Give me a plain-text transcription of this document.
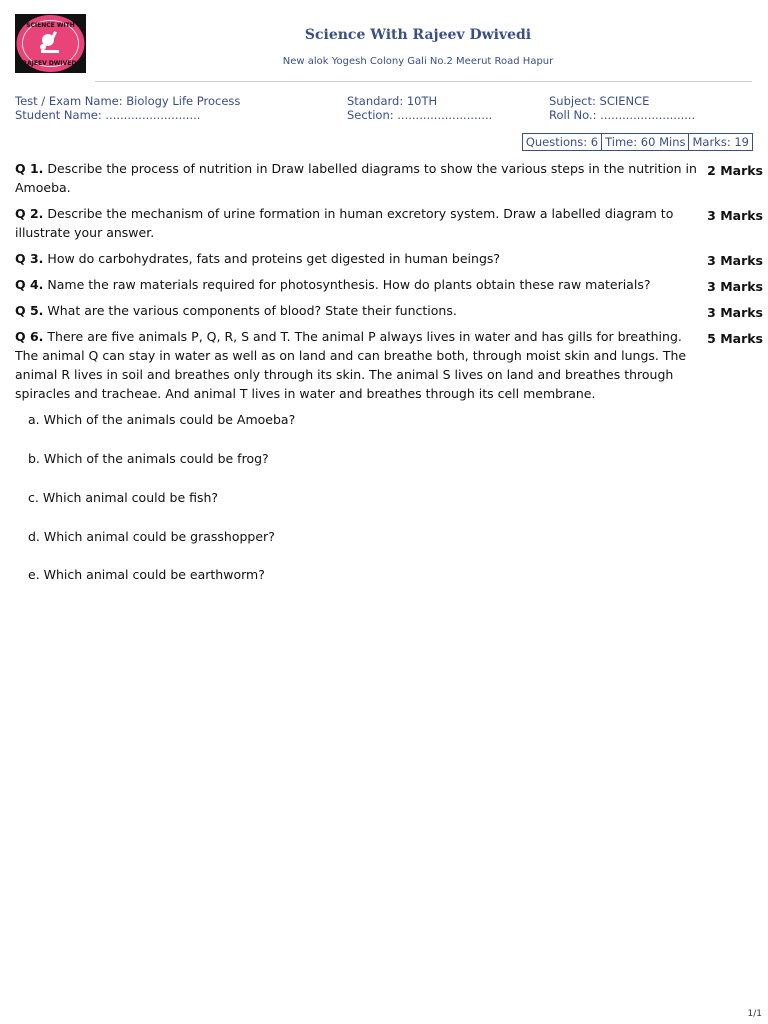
SCIENCE WITH
RAJEEV DWIVEDI
Science With Rajeev Dwivedi
New alok Yogesh Colony Gali No.2 Meerut Road Hapur
Test / Exam Name: Biology Life Process
Student Name: ..........................
Standard: 10TH
Section: ..........................
Subject: SCIENCE
Roll No.: ..........................
Questions: 6 Time: 60 Mins Marks: 19
Q 1. Describe the process of nutrition in Draw labelled diagrams to show the various steps in the nutrition in Amoeba.
2 Marks
Q 2. Describe the mechanism of urine formation in human excretory system. Draw a labelled diagram to illustrate your answer.
3 Marks
Q 3. How do carbohydrates, fats and proteins get digested in human beings?	3 Marks
Q 4. Name the raw materials required for photosynthesis. How do plants obtain these raw materials?	3 Marks
Q 5. What are the various components of blood? State their functions.	3 Marks
Q 6. There are five animals P, Q, R, S and T. The animal P always lives in water and has gills for breathing. The animal Q can stay in water as well as on land and can breathe both, through moist skin and lungs. The animal R lives in soil and breathes only through its skin. The animal S lives on land and breathes through spiracles and tracheae. And animal T lives in water and breathes through its cell membrane.
5 Marks
a. Which of the animals could be Amoeba?
b. Which of the animals could be frog?
c. Which animal could be fish?
d. Which animal could be grasshopper?
e. Which animal could be earthworm?
1/1
